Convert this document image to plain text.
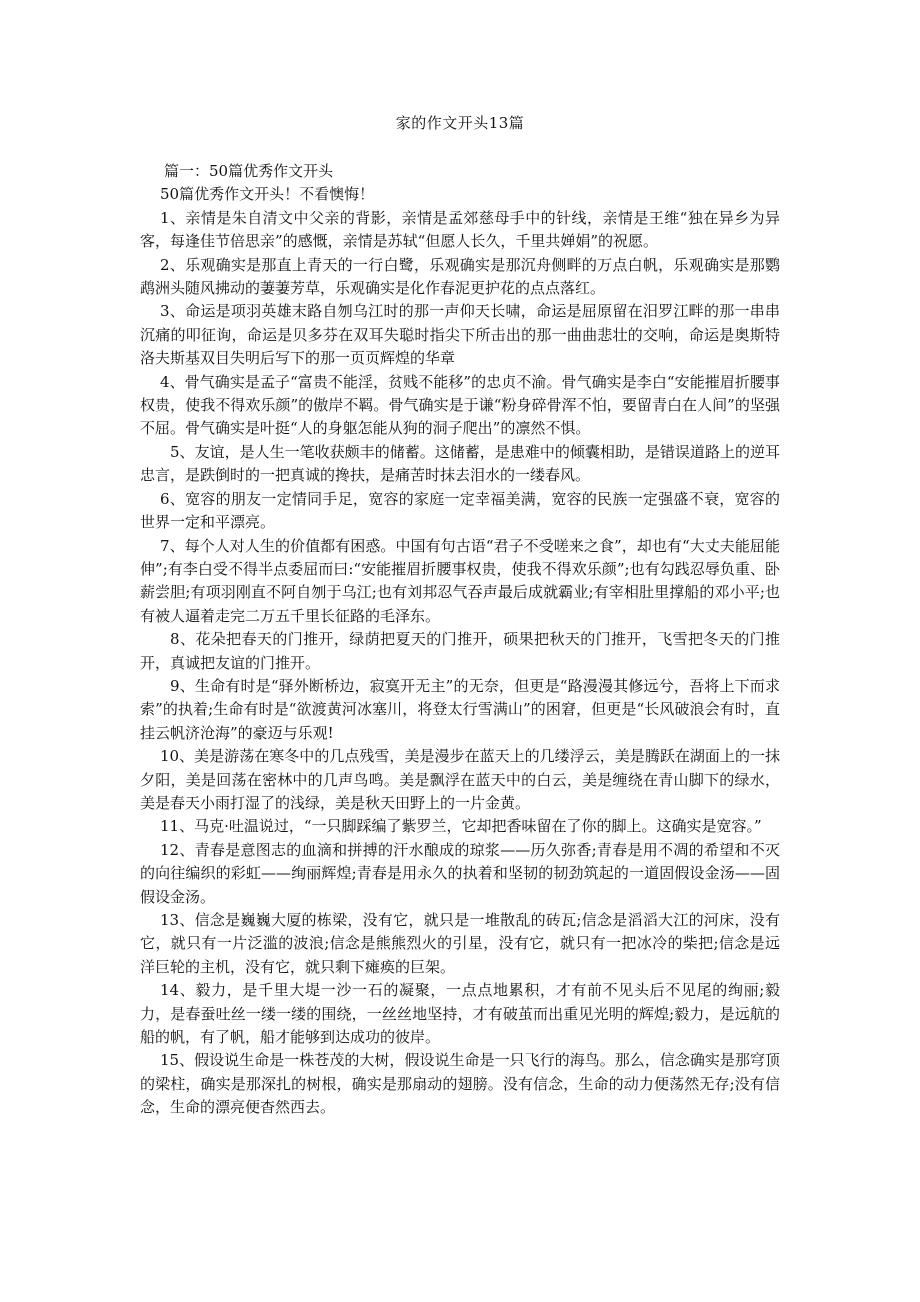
家的作文开头13篇

篇一：50篇优秀作文开头

50篇优秀作文开头！不看懊悔！

1、亲情是朱自清文中父亲的背影，亲情是孟郊慈母手中的针线，亲情是王维“独在异乡为异客，每逢佳节倍思亲”的感慨，亲情是苏轼“但愿人长久，千里共婵娟”的祝愿。

2、乐观确实是那直上青天的一行白鹭，乐观确实是那沉舟侧畔的万点白帆，乐观确实是那鹦鹉洲头随风拂动的萋萋芳草，乐观确实是化作春泥更护花的点点落红。

3、命运是项羽英雄末路自刎乌江时的那一声仰天长啸，命运是屈原留在汨罗江畔的那一串串沉痛的叩征询，命运是贝多芬在双耳失聪时指尖下所击出的那一曲曲悲壮的交响，命运是奥斯特洛夫斯基双目失明后写下的那一页页辉煌的华章

4、骨气确实是孟子“富贵不能淫，贫贱不能移”的忠贞不渝。骨气确实是李白“安能摧眉折腰事权贵，使我不得欢乐颜”的傲岸不羁。骨气确实是于谦“粉身碎骨浑不怕，要留青白在人间”的坚强不屈。骨气确实是叶挺“人的身躯怎能从狗的洞子爬出”的凛然不惧。

5、友谊，是人生一笔收获颇丰的储蓄。这储蓄，是患难中的倾囊相助，是错误道路上的逆耳忠言，是跌倒时的一把真诚的搀扶，是痛苦时抹去泪水的一缕春风。

6、宽容的朋友一定情同手足，宽容的家庭一定幸福美满，宽容的民族一定强盛不衰，宽容的世界一定和平漂亮。

7、每个人对人生的价值都有困惑。中国有句古语“君子不受嗟来之食”，却也有“大丈夫能屈能伸”;有李白受不得半点委屈而曰:“安能摧眉折腰事权贵，使我不得欢乐颜”;也有勾践忍辱负重、卧薪尝胆;有项羽刚直不阿自刎于乌江;也有刘邦忍气吞声最后成就霸业;有宰相肚里撑船的邓小平;也有被人逼着走完二万五千里长征路的毛泽东。

8、花朵把春天的门推开，绿荫把夏天的门推开，硕果把秋天的门推开，飞雪把冬天的门推开，真诚把友谊的门推开。

9、生命有时是“驿外断桥边，寂寞开无主”的无奈，但更是“路漫漫其修远兮，吾将上下而求索”的执着;生命有时是“欲渡黄河冰塞川，将登太行雪满山”的困窘，但更是“长风破浪会有时，直挂云帆济沧海”的豪迈与乐观!

10、美是游荡在寒冬中的几点残雪，美是漫步在蓝天上的几缕浮云，美是腾跃在湖面上的一抹夕阳，美是回荡在密林中的几声鸟鸣。美是飘浮在蓝天中的白云，美是缠绕在青山脚下的绿水，美是春天小雨打湿了的浅绿，美是秋天田野上的一片金黄。

11、马克·吐温说过，“一只脚踩编了紫罗兰，它却把香味留在了你的脚上。这确实是宽容。”

12、青春是意图志的血滴和拼搏的汗水酿成的琼浆——历久弥香;青春是用不凋的希望和不灭的向往编织的彩虹——绚丽辉煌;青春是用永久的执着和坚韧的韧劲筑起的一道固假设金汤——固假设金汤。

13、信念是巍巍大厦的栋梁，没有它，就只是一堆散乱的砖瓦;信念是滔滔大江的河床，没有它，就只有一片泛滥的波浪;信念是熊熊烈火的引星，没有它，就只有一把冰冷的柴把;信念是远洋巨轮的主机，没有它，就只剩下瘫痪的巨架。

14、毅力，是千里大堤一沙一石的凝聚，一点点地累积，才有前不见头后不见尾的绚丽;毅力，是春蚕吐丝一缕一缕的围绕，一丝丝地坚持，才有破茧而出重见光明的辉煌;毅力，是远航的船的帆，有了帆，船才能够到达成功的彼岸。

15、假设说生命是一株苍茂的大树，假设说生命是一只飞行的海鸟。那么，信念确实是那穹顶的梁柱，确实是那深扎的树根，确实是那扇动的翅膀。没有信念，生命的动力便荡然无存;没有信念，生命的漂亮便杳然西去。
